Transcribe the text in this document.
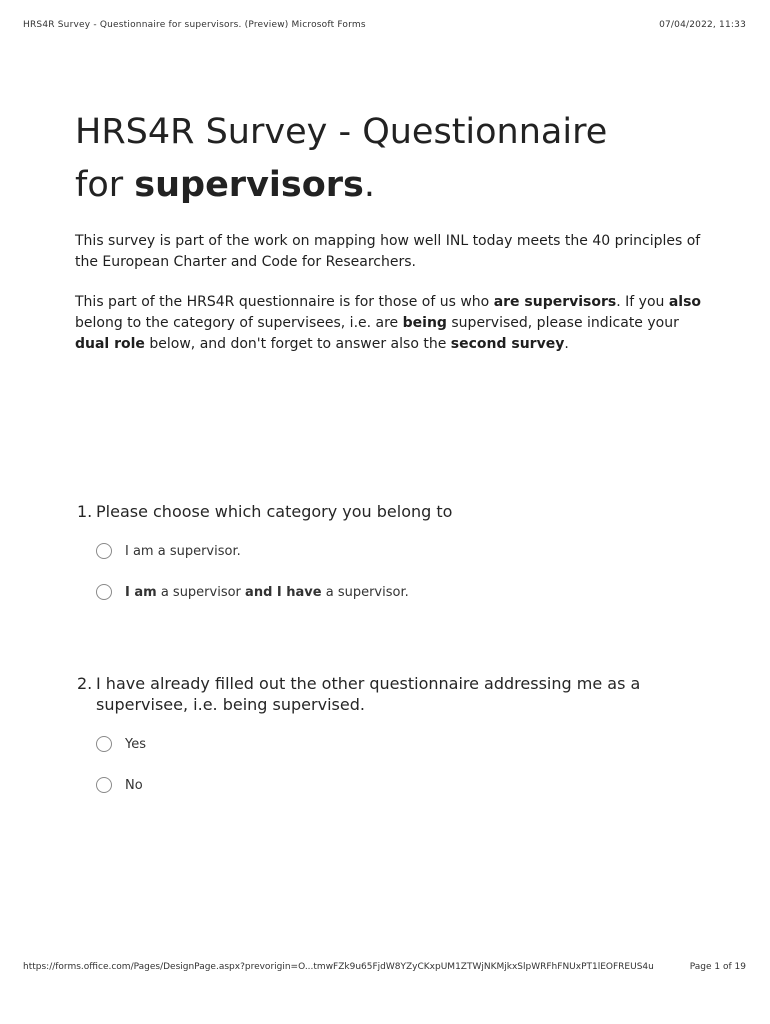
HRS4R Survey - Questionnaire for supervisors. (Preview) Microsoft Forms	07/04/2022, 11:33
HRS4R Survey - Questionnaire
for supervisors.

This survey is part of the work on mapping how well INL today meets the 40 principles of the European Charter and Code for Researchers.

This part of the HRS4R questionnaire is for those of us who are supervisors. If you also belong to the category of supervisees, i.e. are being supervised, please indicate your dual role below, and don't forget to answer also the second survey.

1. Please choose which category you belong to
I am a supervisor.
I am a supervisor and I have a supervisor.
2. I have already filled out the other questionnaire addressing me as a supervisee, i.e. being supervised.
Yes
No
https://forms.office.com/Pages/DesignPage.aspx?prevorigin=O...tmwFZk9u65FjdW8YZyCKxpUM1ZTWjNKMjkxSlpWRFhFNUxPT1lEOFREUS4u	Page 1 of 19
